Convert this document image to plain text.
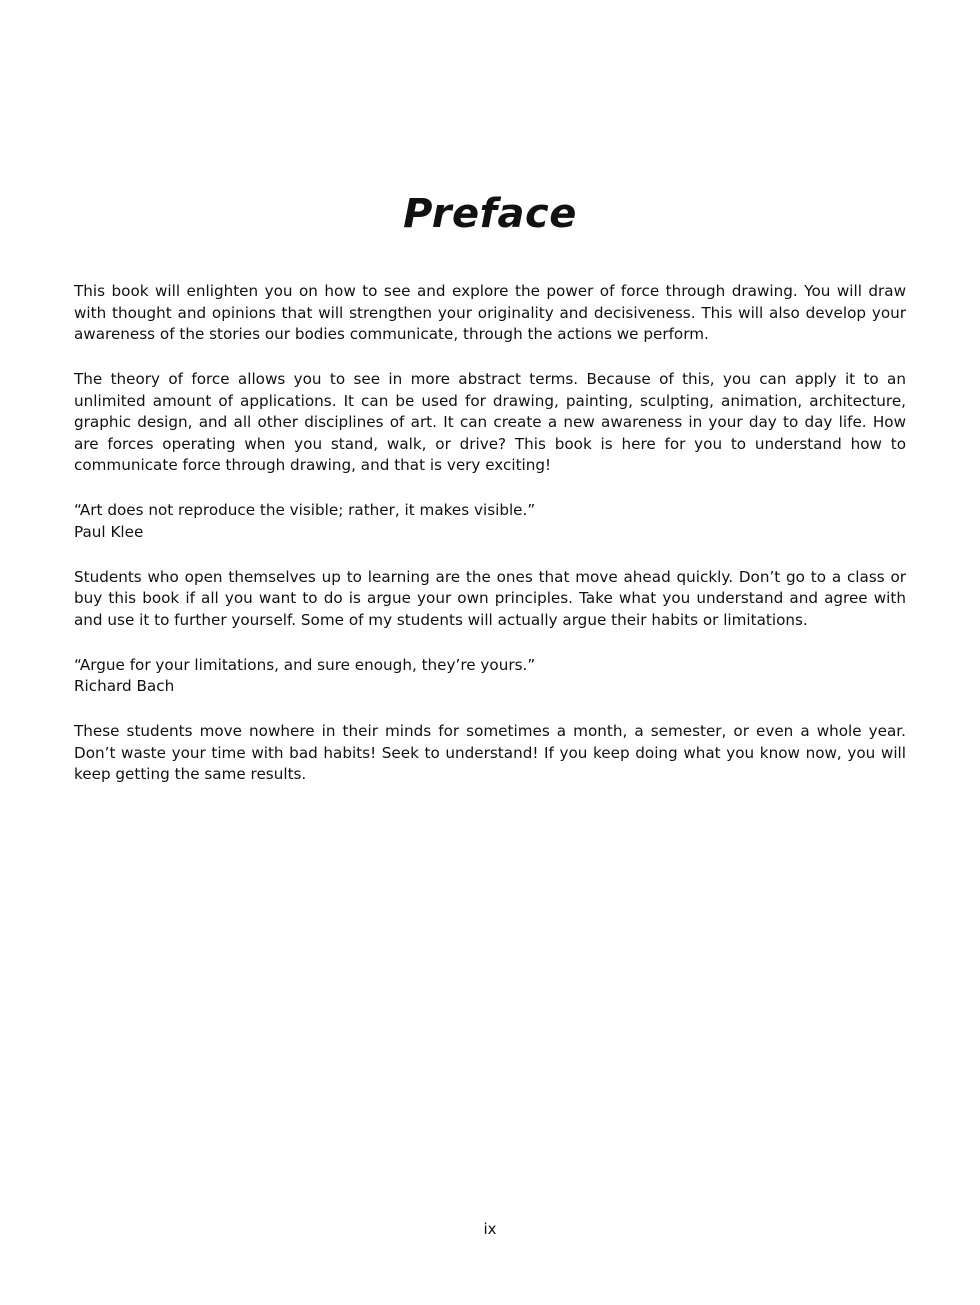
Preface

This book will enlighten you on how to see and explore the power of force through drawing. You will draw with thought and opinions that will strengthen your originality and decisiveness. This will also develop your awareness of the stories our bodies communicate, through the actions we perform.

The theory of force allows you to see in more abstract terms. Because of this, you can apply it to an unlimited amount of applications. It can be used for drawing, painting, sculpting, animation, architecture, graphic design, and all other disciplines of art. It can create a new awareness in your day to day life. How are forces operating when you stand, walk, or drive? This book is here for you to understand how to communicate force through drawing, and that is very exciting!

“Art does not reproduce the visible; rather, it makes visible.”
Paul Klee

Students who open themselves up to learning are the ones that move ahead quickly. Don’t go to a class or buy this book if all you want to do is argue your own principles. Take what you understand and agree with and use it to further yourself. Some of my students will actually argue their habits or limitations.

“Argue for your limitations, and sure enough, they’re yours.”
Richard Bach

These students move nowhere in their minds for sometimes a month, a semester, or even a whole year. Don’t waste your time with bad habits! Seek to understand! If you keep doing what you know now, you will keep getting the same results.

ix
